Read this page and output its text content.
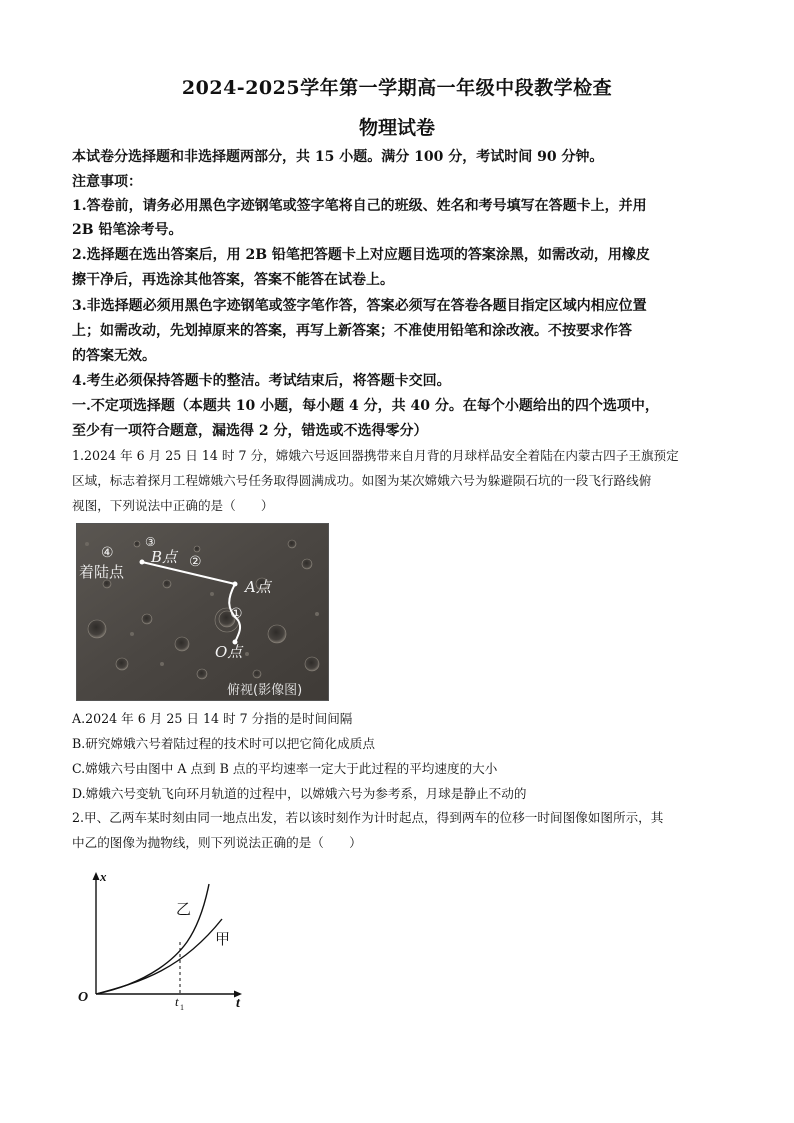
2024-2025学年第一学期高一年级中段教学检查
物理试卷
本试卷分选择题和非选择题两部分，共 15 小题。满分 100 分，考试时间 90 分钟。
注意事项：
1.答卷前，请务必用黑色字迹钢笔或签字笔将自己的班级、姓名和考号填写在答题卡上，并用
2B 铅笔涂考号。
2.选择题在选出答案后，用 2B 铅笔把答题卡上对应题目选项的答案涂黑，如需改动，用橡皮
擦干净后，再选涂其他答案，答案不能答在试卷上。
3.非选择题必须用黑色字迹钢笔或签字笔作答，答案必须写在答卷各题目指定区域内相应位置
上；如需改动，先划掉原来的答案，再写上新答案；不准使用铅笔和涂改液。不按要求作答
的答案无效。
4.考生必须保持答题卡的整洁。考试结束后，将答题卡交回。
一.不定项选择题（本题共 10 小题，每小题 4 分，共 40 分。在每个小题给出的四个选项中，
至少有一项符合题意，漏选得 2 分，错选或不选得零分）
1.2024 年 6 月 25 日 14 时 7 分，嫦娥六号返回器携带来自月背的月球样品安全着陆在内蒙古四子王旗预定
区域，标志着探月工程嫦娥六号任务取得圆满成功。如图为某次嫦娥六号为躲避陨石坑的一段飞行路线俯
视图，下列说法中正确的是（　　）
④
③
②
①
着陆点
B点
A点
O点
俯视(影像图)
A.2024 年 6 月 25 日 14 时 7 分指的是时间间隔
B.研究嫦娥六号着陆过程的技术时可以把它简化成质点
C.嫦娥六号由图中 A 点到 B 点的平均速率一定大于此过程的平均速度的大小
D.嫦娥六号变轨飞向环月轨道的过程中，以嫦娥六号为参考系，月球是静止不动的
2.甲、乙两车某时刻由同一地点出发，若以该时刻作为计时起点，得到两车的位移一时间图像如图所示，其
中乙的图像为抛物线，则下列说法正确的是（　　）
x
t
O	t 1
乙
甲
